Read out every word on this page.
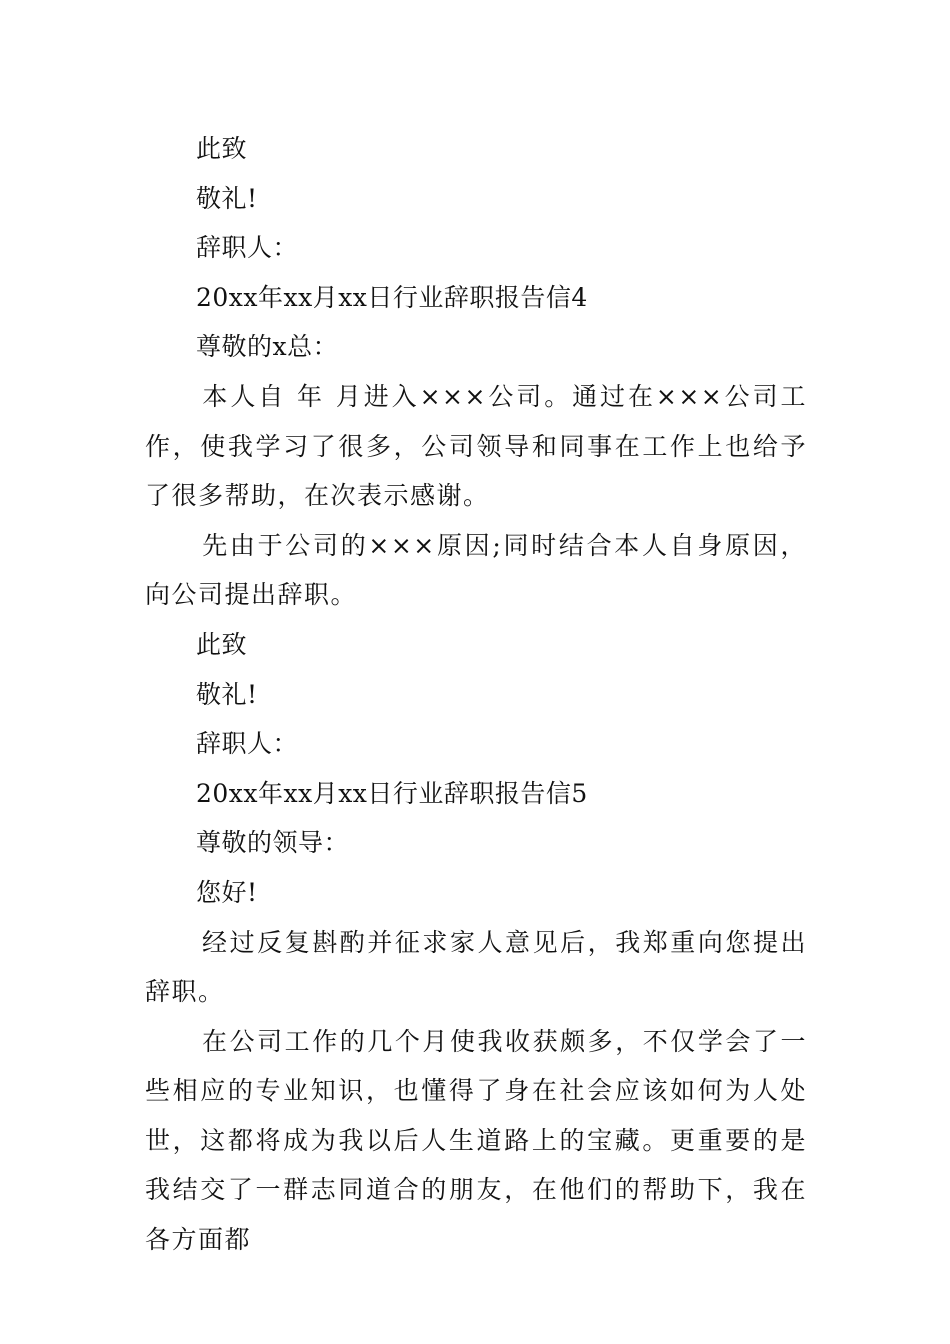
此致
敬礼!
辞职人：
20xx年xx月xx日行业辞职报告信4
尊敬的x总：
本人自 年 月进入×××公司。通过在×××公司工作，使我学习了很多，公司领导和同事在工作上也给予了很多帮助，在次表示感谢。
先由于公司的×××原因;同时结合本人自身原因，向公司提出辞职。
此致
敬礼!
辞职人：
20xx年xx月xx日行业辞职报告信5
尊敬的领导：
您好!
经过反复斟酌并征求家人意见后，我郑重向您提出辞职。
在公司工作的几个月使我收获颇多，不仅学会了一些相应的专业知识，也懂得了身在社会应该如何为人处世，这都将成为我以后人生道路上的宝藏。更重要的是我结交了一群志同道合的朋友，在他们的帮助下，我在各方面都
